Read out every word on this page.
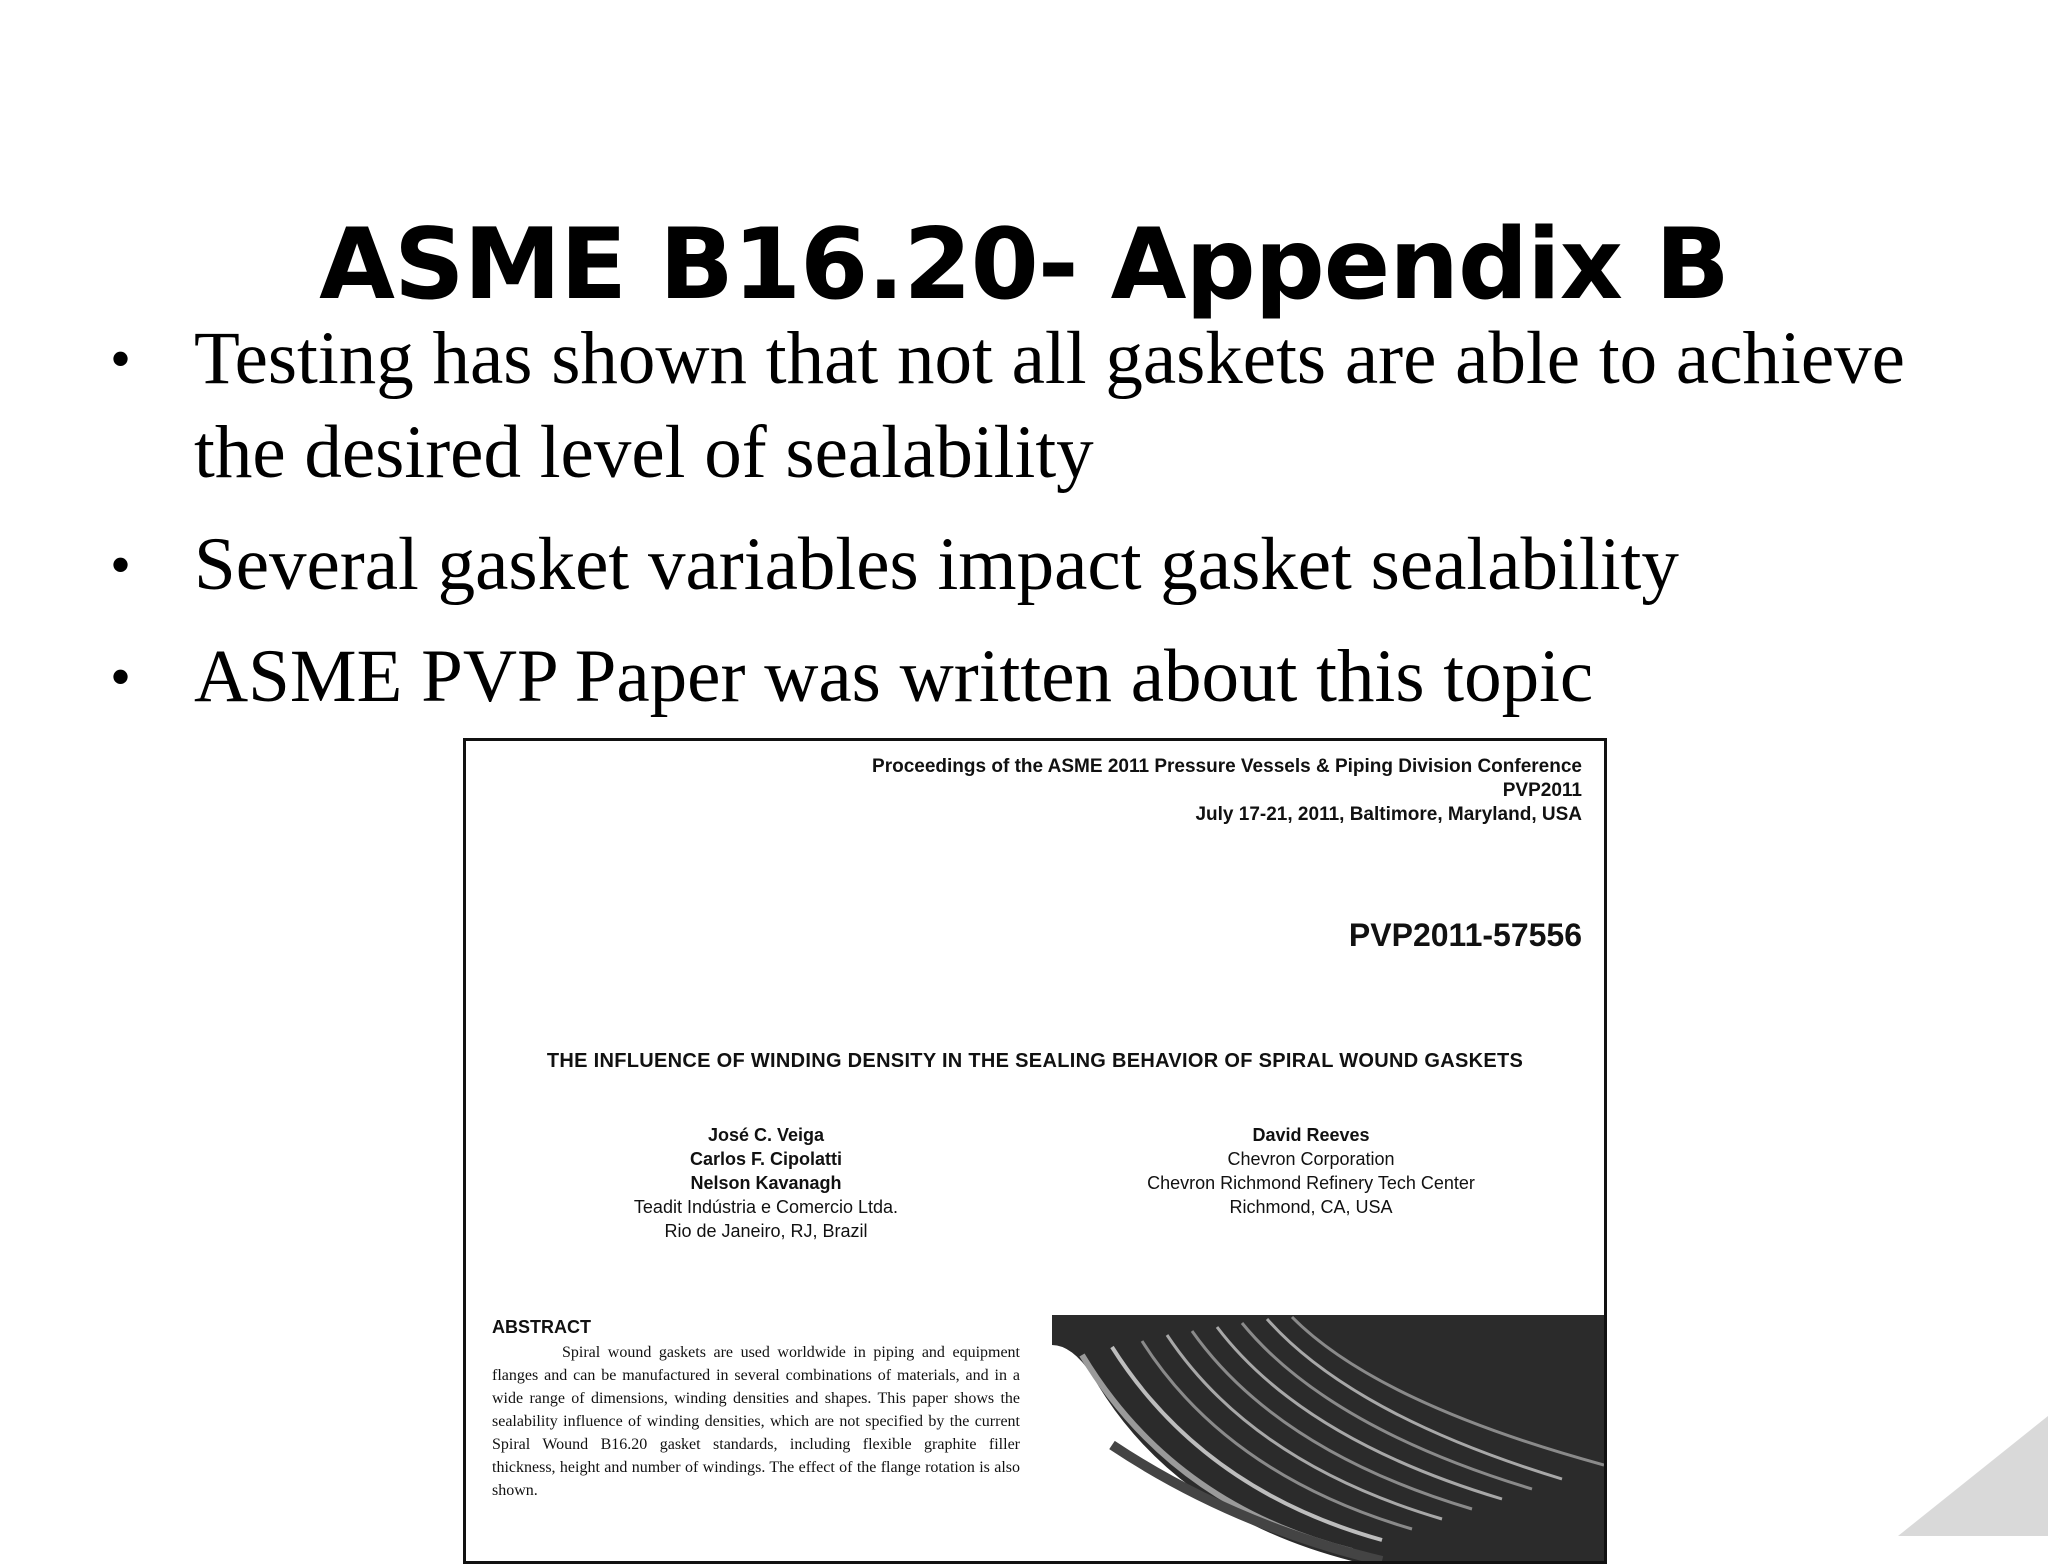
ASME B16.20- Appendix B
• Testing has shown that not all gaskets are able to achieve the desired level of sealability
• Several gasket variables impact gasket sealability
• ASME PVP Paper was written about this topic
Proceedings of the ASME 2011 Pressure Vessels & Piping Division Conference
PVP2011
July 17-21, 2011, Baltimore, Maryland, USA
PVP2011-57556
THE INFLUENCE OF WINDING DENSITY IN THE SEALING BEHAVIOR OF SPIRAL WOUND GASKETS
José C. Veiga
Carlos F. Cipolatti
Nelson Kavanagh
Teadit Indústria e Comercio Ltda.
Rio de Janeiro, RJ, Brazil
David Reeves
Chevron Corporation
Chevron Richmond Refinery Tech Center
Richmond, CA, USA
ABSTRACT
Spiral wound gaskets are used worldwide in piping and equipment flanges and can be manufactured in several combinations of materials, and in a wide range of dimensions, winding densities and shapes. This paper shows the sealability influence of winding densities, which are not specified by the current Spiral Wound B16.20 gasket standards, including flexible graphite filler thickness, height and number of windings. The effect of the flange rotation is also shown.
